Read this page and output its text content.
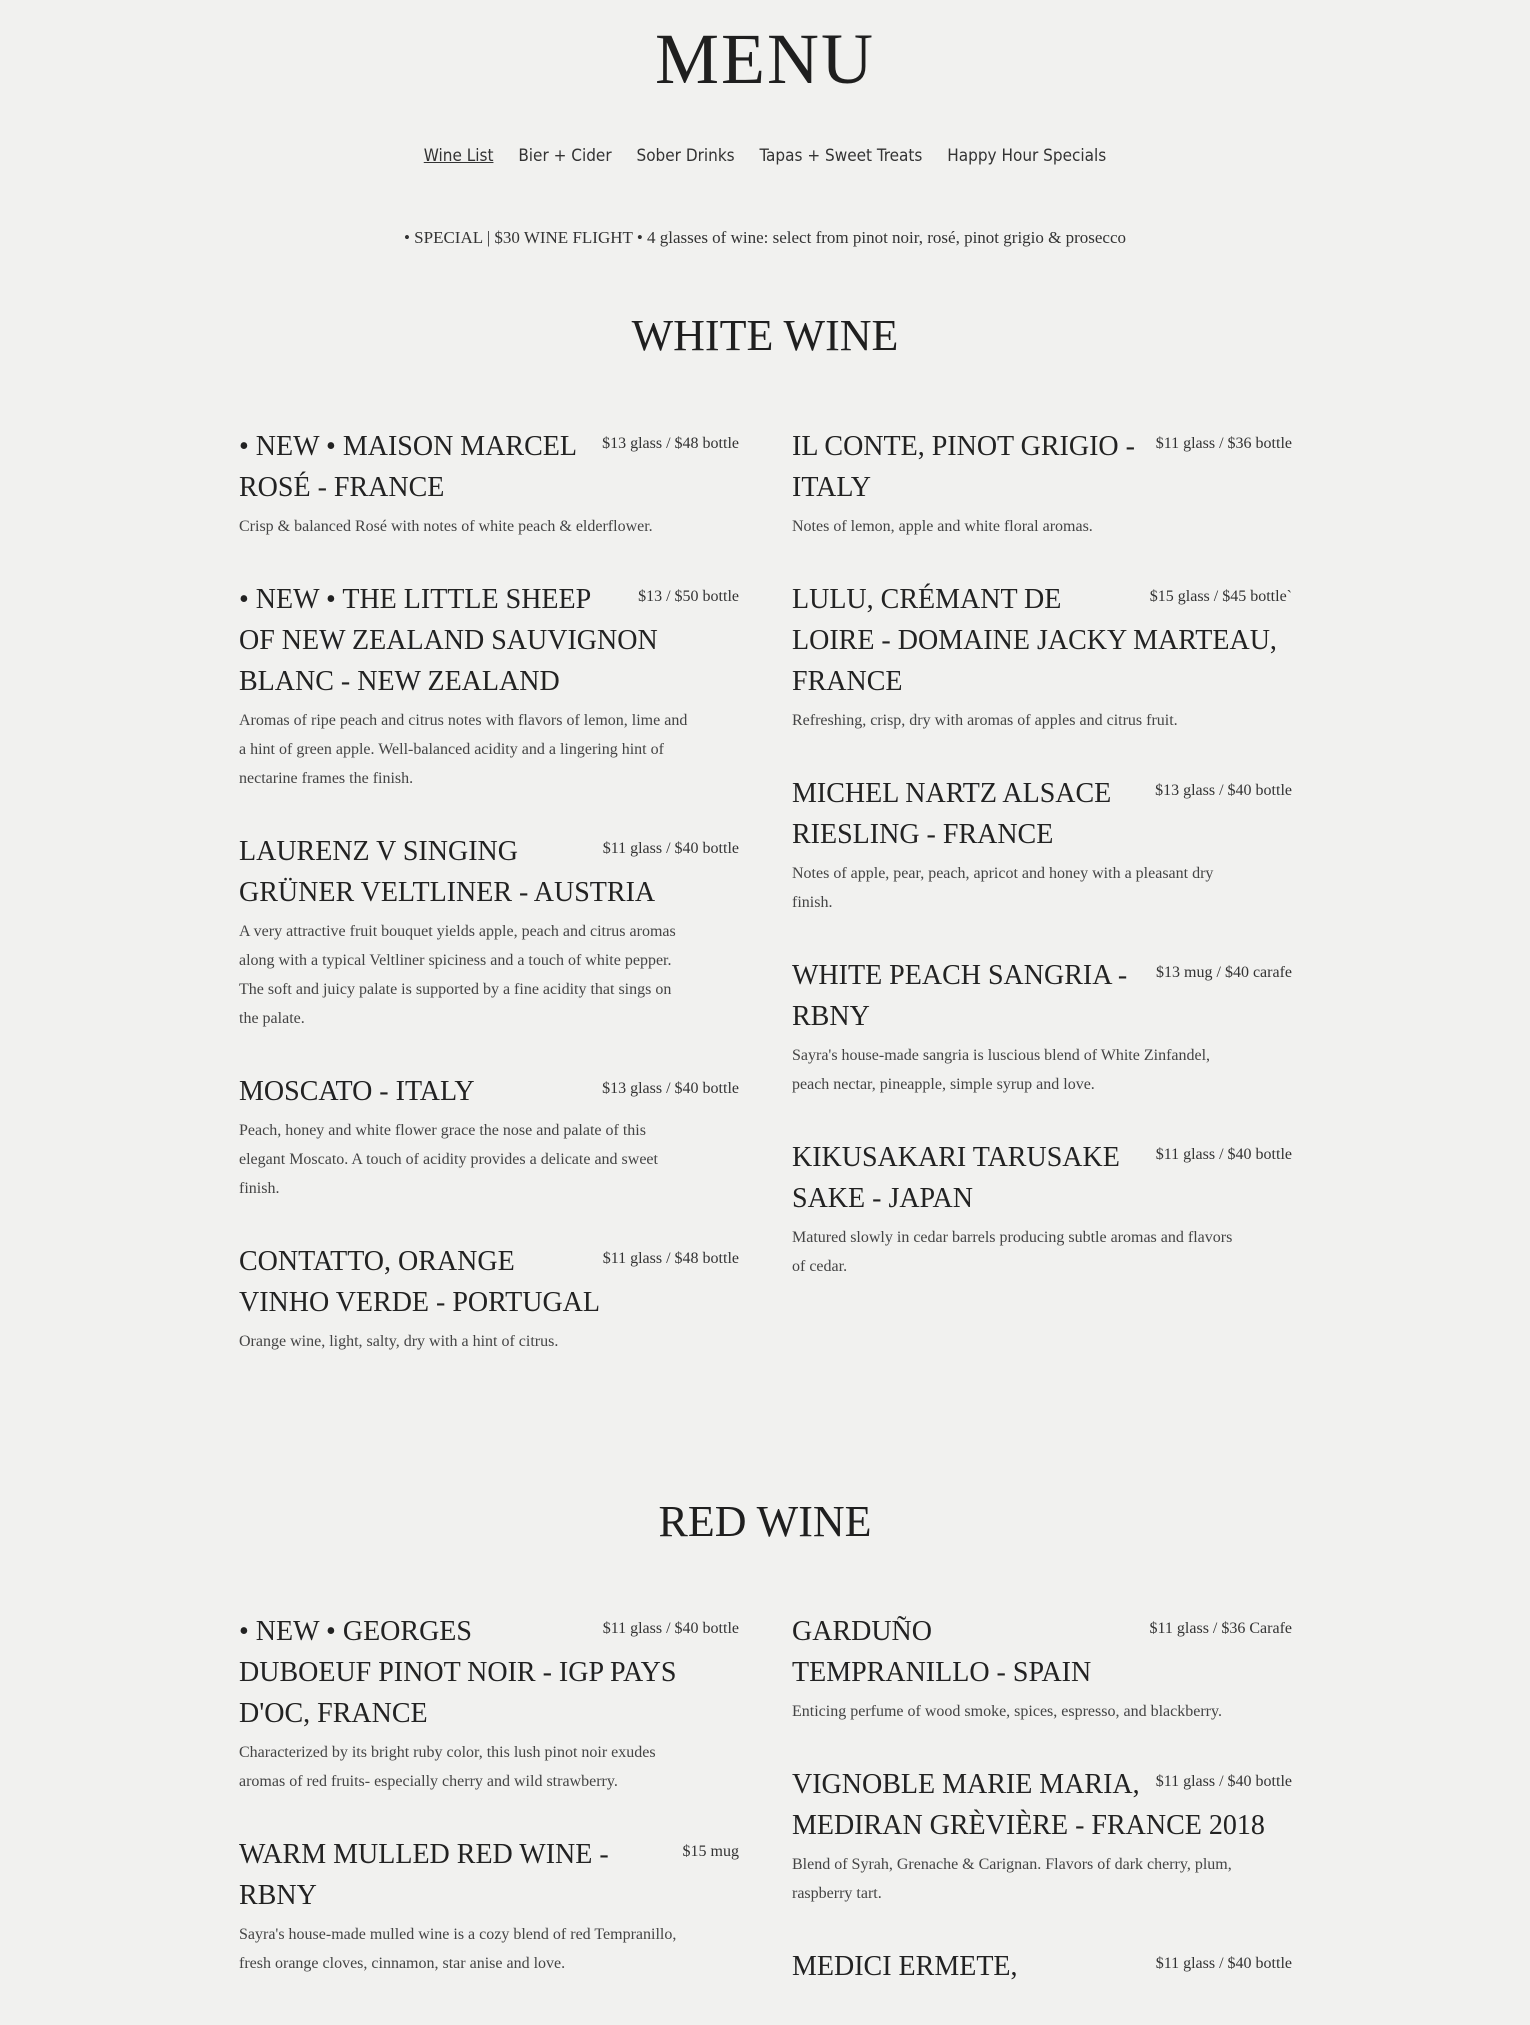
MENU
Wine List Bier + Cider Sober Drinks Tapas + Sweet Treats Happy Hour Specials
• SPECIAL | $30 WINE FLIGHT • 4 glasses of wine: select from pinot noir, rosé, pinot grigio & prosecco
WHITE WINE
$13 glass / $48 bottle
• NEW • MAISON MARCEL ROSÉ - FRANCE
Crisp & balanced Rosé with notes of white peach & elderflower.
$13 / $50 bottle
• NEW • THE LITTLE SHEEP OF NEW ZEALAND SAUVIGNON BLANC - NEW ZEALAND
Aromas of ripe peach and citrus notes with flavors of lemon, lime and a hint of green apple. Well-balanced acidity and a lingering hint of nectarine frames the finish.
$11 glass / $40 bottle
LAURENZ V SINGING GRÜNER VELTLINER - AUSTRIA
A very attractive fruit bouquet yields apple, peach and citrus aromas along with a typical Veltliner spiciness and a touch of white pepper. The soft and juicy palate is supported by a fine acidity that sings on the palate.
$13 glass / $40 bottle
MOSCATO - ITALY
Peach, honey and white flower grace the nose and palate of this elegant Moscato. A touch of acidity provides a delicate and sweet finish.
$11 glass / $48 bottle
CONTATTO, ORANGE VINHO VERDE - PORTUGAL
Orange wine, light, salty, dry with a hint of citrus.
$11 glass / $36 bottle
IL CONTE, PINOT GRIGIO - ITALY
Notes of lemon, apple and white floral aromas.
$15 glass / $45 bottle`
LULU, CRÉMANT DE LOIRE - DOMAINE JACKY MARTEAU, FRANCE
Refreshing, crisp, dry with aromas of apples and citrus fruit.
$13 glass / $40 bottle
MICHEL NARTZ ALSACE RIESLING - FRANCE
Notes of apple, pear, peach, apricot and honey with a pleasant dry finish.
$13 mug / $40 carafe
WHITE PEACH SANGRIA - RBNY
Sayra's house-made sangria is luscious blend of White Zinfandel, peach nectar, pineapple, simple syrup and love.
$11 glass / $40 bottle
KIKUSAKARI TARUSAKE SAKE - JAPAN
Matured slowly in cedar barrels producing subtle aromas and flavors of cedar.
RED WINE
$11 glass / $40 bottle
• NEW • GEORGES DUBOEUF PINOT NOIR - IGP PAYS D'OC, FRANCE
Characterized by its bright ruby color, this lush pinot noir exudes aromas of red fruits- especially cherry and wild strawberry.
$15 mug
WARM MULLED RED WINE - RBNY
Sayra's house-made mulled wine is a cozy blend of red Tempranillo, fresh orange cloves, cinnamon, star anise and love.
$11 glass / $36 Carafe
GARDUÑO TEMPRANILLO - SPAIN
Enticing perfume of wood smoke, spices, espresso, and blackberry.
$11 glass / $40 bottle
VIGNOBLE MARIE MARIA, MEDIRAN GRÈVIÈRE - FRANCE 2018
Blend of Syrah, Grenache & Carignan. Flavors of dark cherry, plum, raspberry tart.
$11 glass / $40 bottle
MEDICI ERMETE,
